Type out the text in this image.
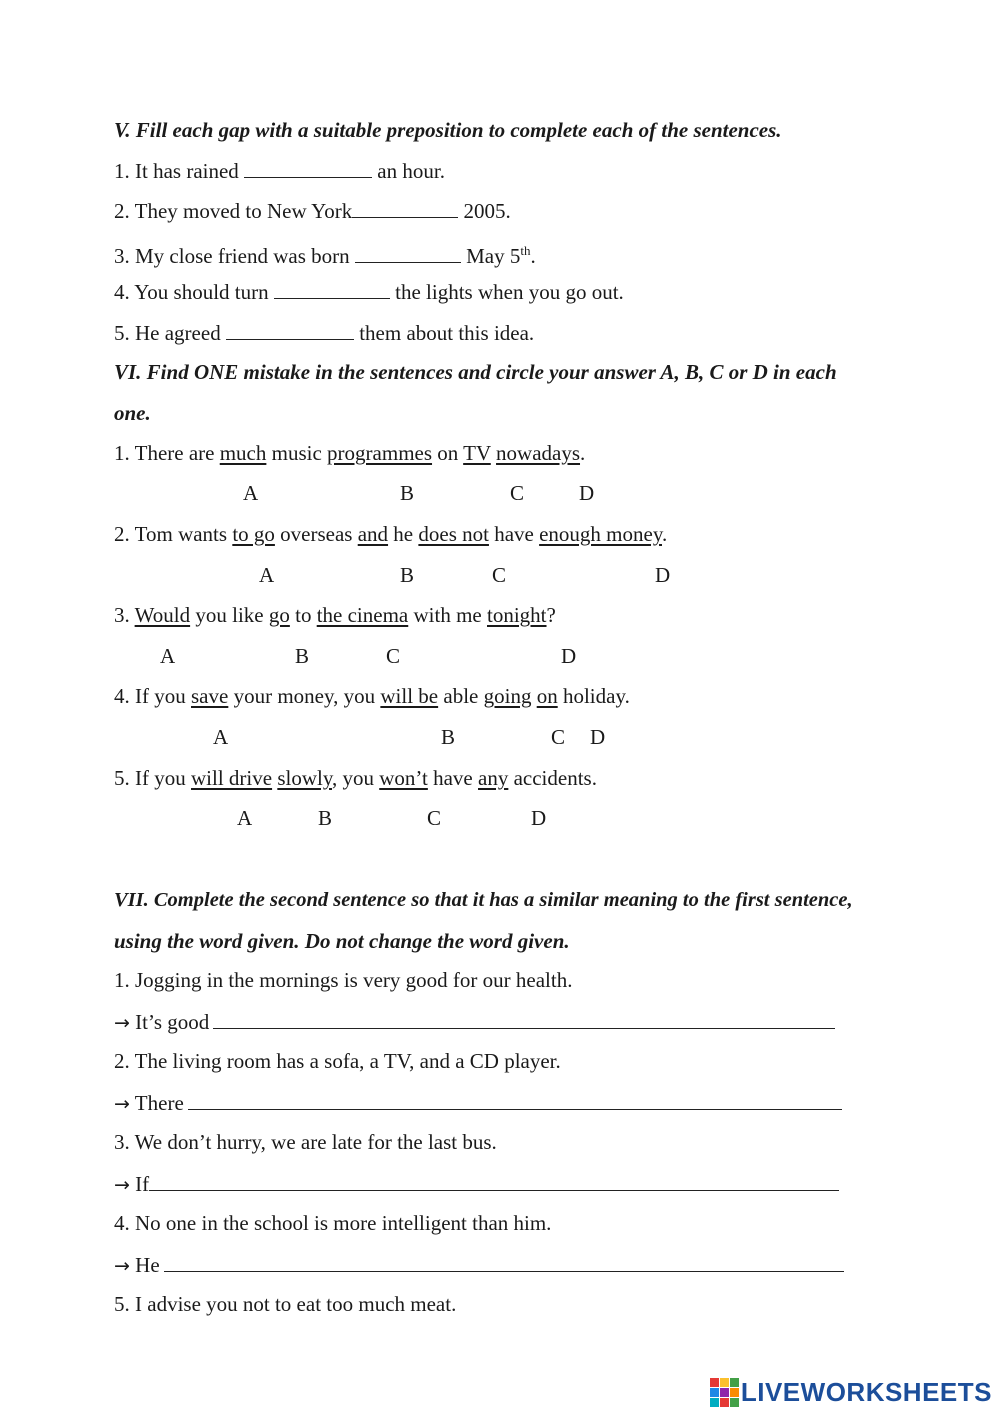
V. Fill each gap with a suitable preposition to complete each of the sentences.
1. It has rained	an hour.
2. They moved to New York	2005.
3. My close friend was born	May 5th.
4. You should turn	the lights when you go out.
5. He agreed	them about this idea.
VI. Find ONE mistake in the sentences and circle your answer A, B, C or D in each
one.
1. There are much music programmes on TV nowadays.
A	B	C	D
2. Tom wants to go overseas and he does not have enough money.
A	B	C	D
3. Would you like go to the cinema with me tonight?
A	B	C	D
4. If you save your money, you will be able going on holiday.
A	B	C D
5. If you will drive slowly, you won’t have any accidents.
A	B	C	D
VII. Complete the second sentence so that it has a similar meaning to the first sentence,
using the word given. Do not change the word given.
1. Jogging in the mornings is very good for our health.
→ It’s good
2. The living room has a sofa, a TV, and a CD player.
→ There
3. We don’t hurry, we are late for the last bus.
→ If
4. No one in the school is more intelligent than him.
→ He
5. I advise you not to eat too much meat.
LIVEWORKSHEETS
